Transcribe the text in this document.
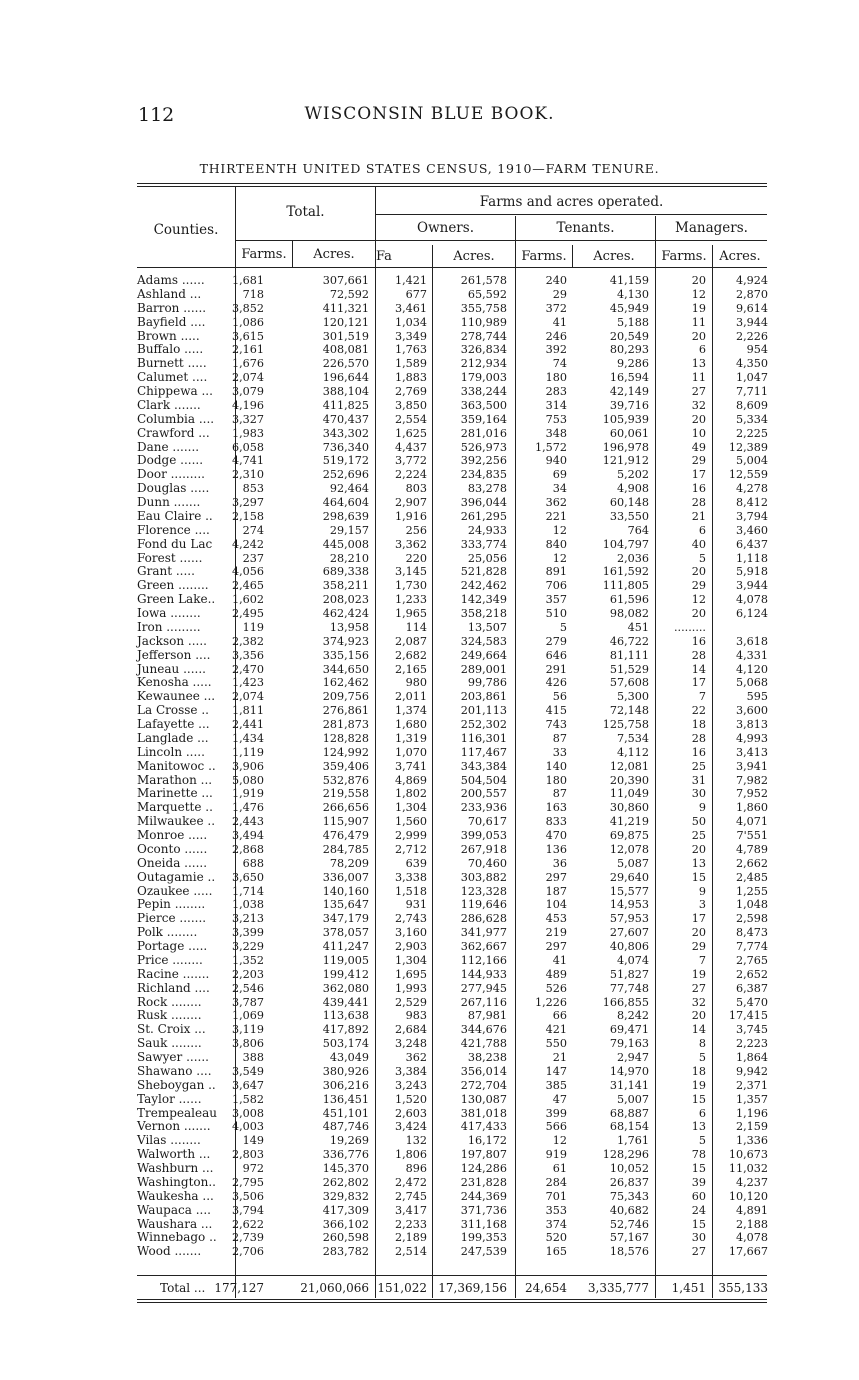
112	WISCONSIN BLUE BOOK.
THIRTEENTH UNITED STATES CENSUS, 1910—FARM TENURE.
Counties.
Total.
Farms and acres operated.
Owners.	Tenants.	Managers.
Farms.	Acres.	Fa	Acres.	Farms.	Acres.	Farms. Acres.
Adams ...... 1,681	307,661 1,421	261,578	240	41,159	20	4,924
Ashland ...	718	72,592	677	65,592	29	4,130	12	2,870
Barron ...... 3,852	411,321 3,461	355,758	372	45,949	19	9,614
Bayfield .... 1,086	120,121 1,034	110,989	41	5,188	11	3,944
Brown .....	3,615	301,519 3,349	278,744	246	20,549	20	2,226
Buffalo .....	2,161	408,081 1,763	326,834	392	80,293	6	954
Burnett ..... 1,676	226,570 1,589	212,934	74	9,286	13	4,350
Calumet .... 2,074	196,644 1,883	179,003	180	16,594	11	1,047
Chippewa ... 3,079	388,104 2,769	338,244	283	42,149	27	7,711
Clark .......	4,196	411,825 3,850	363,500	314	39,716	32	8,609
Columbia .... 3,327	470,437 2,554	359,164	753	105,939	20	5,334
Crawford ... 1,983	343,302 1,625	281,016	348	60,061	10	2,225
Dane .......	6,058	736,340 4,437	526,973 1,572	196,978	49 12,389
Dodge ......	4,741	519,172 3,772	392,256	940	121,912	29	5,004
Door ......... 2,310	252,696 2,224	234,835	69	5,202	17 12,559
Douglas .....	853	92,464	803	83,278	34	4,908	16	4,278
Dunn .......	3,297	464,604 2,907	396,044	362	60,148	28	8,412
Eau Claire .. 2,158	298,639 1,916	261,295	221	33,550	21	3,794
Florence ....	274	29,157	256	24,933	12	764	6	3,460
Fond du Lac 4,242	445,008 3,362	333,774	840	104,797	40	6,437
Forest ......	237	28,210	220	25,056	12	2,036	5	1,118
Grant .....	4,056	689,338 3,145	521,828	891	161,592	20	5,918
Green ........ 2,465	358,211 1,730	242,462	706	111,805	29	3,944
Green Lake.. 1,602	208,023 1,233	142,349	357	61,596	12	4,078
Iowa ........	2,495	462,424 1,965	358,218	510	98,082	20	6,124
Iron .........	119	13,958	114	13,507	5	451 .........
Jackson ..... 2,382	374,923 2,087	324,583	279	46,722	16	3,618
Jefferson .... 3,356	335,156 2,682	249,664	646	81,111	28	4,331
Juneau ...... 2,470	344,650 2,165	289,001	291	51,529	14	4,120
Kenosha ..... 1,423	162,462	980	99,786	426	57,608	17	5,068
Kewaunee ... 2,074	209,756 2,011	203,861	56	5,300	7	595
La Crosse .. 1,811	276,861 1,374	201,113	415	72,148	22	3,600
Lafayette ... 2,441	281,873 1,680	252,302	743	125,758	18	3,813
Langlade ... 1,434	128,828 1,319	116,301	87	7,534	28	4,993
Lincoln ..... 1,119	124,992 1,070	117,467	33	4,112	16	3,413
Manitowoc .. 3,906	359,406 3,741	343,384	140	12,081	25	3,941
Marathon ... 5,080	532,876 4,869	504,504	180	20,390	31	7,982
Marinette ... 1,919	219,558 1,802	200,557	87	11,049	30	7,952
Marquette .. 1,476	266,656 1,304	233,936	163	30,860	9	1,860
Milwaukee .. 2,443	115,907 1,560	70,617	833	41,219	50	4,071
Monroe ..... 3,494	476,479 2,999	399,053	470	69,875	25	7'551
Oconto ...... 2,868	284,785 2,712	267,918	136	12,078	20	4,789
Oneida ......	688	78,209	639	70,460	36	5,087	13	2,662
Outagamie .. 3,650	336,007 3,338	303,882	297	29,640	15	2,485
Ozaukee ..... 1,714	140,160 1,518	123,328	187	15,577	9	1,255
Pepin ........ 1,038	135,647	931	119,646	104	14,953	3	1,048
Pierce ....... 3,213	347,179 2,743	286,628	453	57,953	17	2,598
Polk ........	3,399	378,057 3,160	341,977	219	27,607	20	8,473
Portage ..... 3,229	411,247 2,903	362,667	297	40,806	29	7,774
Price ........	1,352	119,005 1,304	112,166	41	4,074	7	2,765
Racine ....... 2,203	199,412 1,695	144,933	489	51,827	19	2,652
Richland .... 2,546	362,080 1,993	277,945	526	77,748	27	6,387
Rock ........	3,787	439,441 2,529	267,116 1,226	166,855	32	5,470
Rusk ........	1,069	113,638	983	87,981	66	8,242	20 17,415
St. Croix ... 3,119	417,892 2,684	344,676	421	69,471	14	3,745
Sauk ........	3,806	503,174 3,248	421,788	550	79,163	8	2,223
Sawyer ......	388	43,049	362	38,238	21	2,947	5	1,864
Shawano .... 3,549	380,926 3,384	356,014	147	14,970	18	9,942
Sheboygan .. 3,647	306,216 3,243	272,704	385	31,141	19	2,371
Taylor ......	1,582	136,451 1,520	130,087	47	5,007	15	1,357
Trempealeau 3,008	451,101 2,603	381,018	399	68,887	6	1,196
Vernon ....... 4,003	487,746 3,424	417,433	566	68,154	13	2,159
Vilas ........	149	19,269	132	16,172	12	1,761	5	1,336
Walworth ... 2,803	336,776 1,806	197,807	919	128,296	78 10,673
Washburn ...	972	145,370	896	124,286	61	10,052	15 11,032
Washington.. 2,795	262,802 2,472	231,828	284	26,837	39	4,237
Waukesha ... 3,506	329,832 2,745	244,369	701	75,343	60 10,120
Waupaca .... 3,794	417,309 3,417	371,736	353	40,682	24	4,891
Waushara ... 2,622	366,102 2,233	311,168	374	52,746	15	2,188
Winnebago .. 2,739	260,598 2,189	199,353	520	57,167	30	4,078
Wood .......	2,706	283,782 2,514	247,539	165	18,576	27 17,667
Total ... 177,127	21,060,066 151,022 17,369,156 24,654 3,335,777 1,451 355,133
